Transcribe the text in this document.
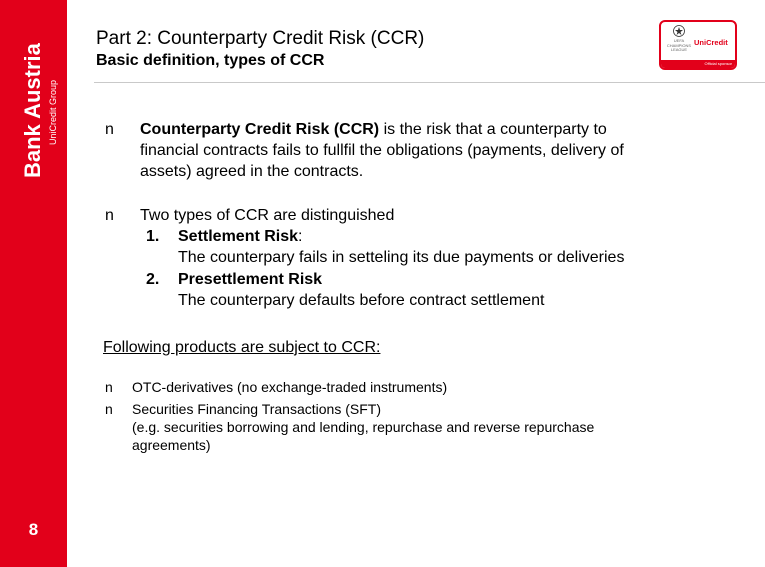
Bank Austria UniCredit Group
8
Part 2: Counterparty Credit Risk (CCR)
Basic definition, types of CCR
UEFA CHAMPIONS LEAGUE
UniCredit
Official sponsor
n Counterparty Credit Risk (CCR) is the risk that a counterparty to
financial contracts fails to fullfil the obligations (payments, delivery of
assets) agreed in the contracts.
n Two types of CCR are distinguished
1. Settlement Risk:
The counterpary fails in setteling its due payments or deliveries
2. Presettlement Risk
The counterpary defaults before contract settlement
Following products are subject to CCR:
n OTC-derivatives (no exchange-traded instruments)
n Securities Financing Transactions (SFT)
(e.g. securities borrowing and lending, repurchase and reverse repurchase
agreements)
